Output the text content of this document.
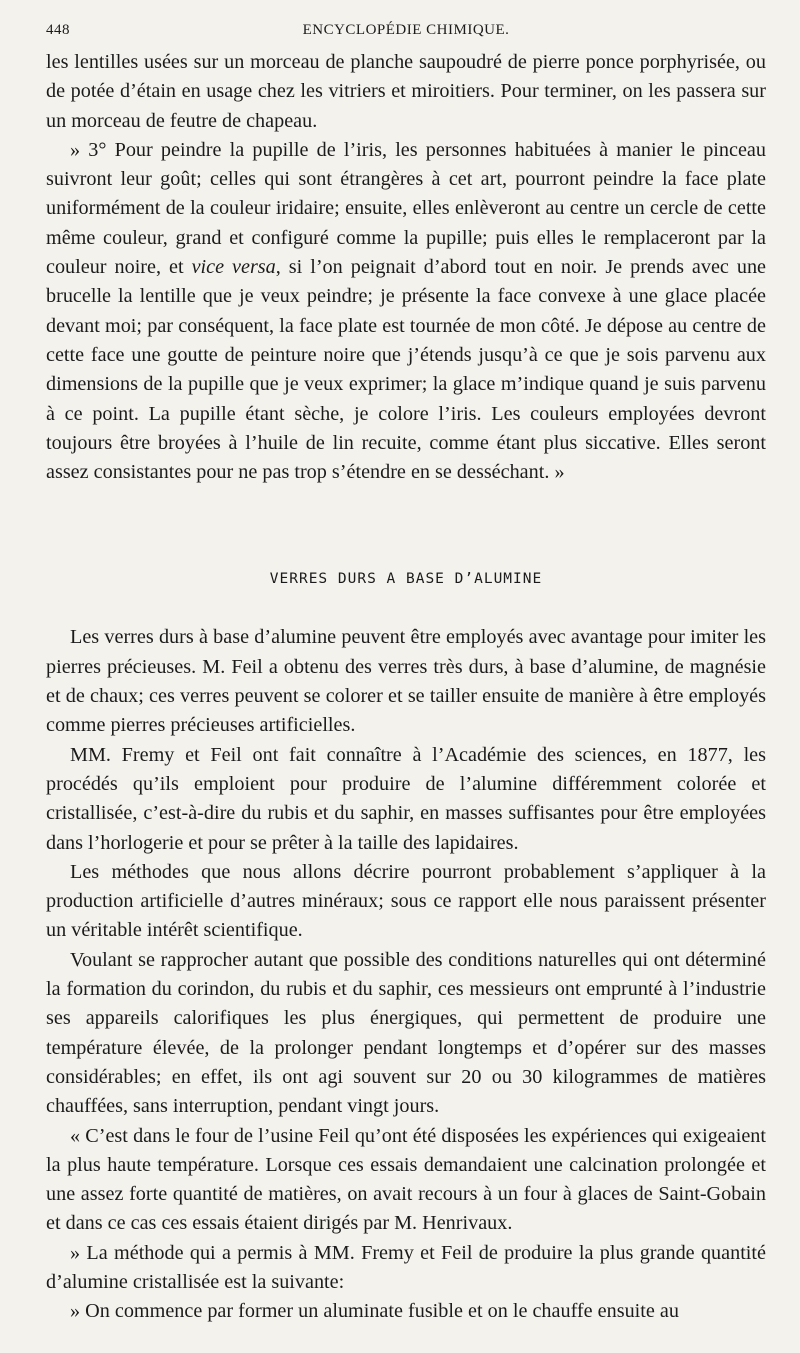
448	ENCYCLOPÉDIE CHIMIQUE.

les lentilles usées sur un morceau de planche saupoudré de pierre ponce porphyrisée, ou de potée d’étain en usage chez les vitriers et miroitiers. Pour terminer, on les passera sur un morceau de feutre de chapeau.

» 3° Pour peindre la pupille de l’iris, les personnes habituées à manier le pinceau suivront leur goût; celles qui sont étrangères à cet art, pourront peindre la face plate uniformément de la couleur iridaire; ensuite, elles enlèveront au centre un cercle de cette même couleur, grand et configuré comme la pupille; puis elles le remplaceront par la couleur noire, et vice versa, si l’on peignait d’abord tout en noir. Je prends avec une brucelle la lentille que je veux peindre; je présente la face convexe à une glace placée devant moi; par conséquent, la face plate est tournée de mon côté. Je dépose au centre de cette face une goutte de peinture noire que j’étends jusqu’à ce que je sois parvenu aux dimensions de la pupille que je veux exprimer; la glace m’indique quand je suis parvenu à ce point. La pupille étant sèche, je colore l’iris. Les couleurs employées devront toujours être broyées à l’huile de lin recuite, comme étant plus siccative. Elles seront assez consistantes pour ne pas trop s’étendre en se desséchant. »

VERRES DURS A BASE D’ALUMINE

Les verres durs à base d’alumine peuvent être employés avec avantage pour imiter les pierres précieuses. M. Feil a obtenu des verres très durs, à base d’alumine, de magnésie et de chaux; ces verres peuvent se colorer et se tailler ensuite de manière à être employés comme pierres précieuses artificielles.

MM. Fremy et Feil ont fait connaître à l’Académie des sciences, en 1877, les procédés qu’ils emploient pour produire de l’alumine différemment colorée et cristallisée, c’est-à-dire du rubis et du saphir, en masses suffisantes pour être employées dans l’horlogerie et pour se prêter à la taille des lapidaires.

Les méthodes que nous allons décrire pourront probablement s’appliquer à la production artificielle d’autres minéraux; sous ce rapport elle nous paraissent présenter un véritable intérêt scientifique.

Voulant se rapprocher autant que possible des conditions naturelles qui ont déterminé la formation du corindon, du rubis et du saphir, ces messieurs ont emprunté à l’industrie ses appareils calorifiques les plus énergiques, qui permettent de produire une température élevée, de la prolonger pendant longtemps et d’opérer sur des masses considérables; en effet, ils ont agi souvent sur 20 ou 30 kilogrammes de matières chauffées, sans interruption, pendant vingt jours.

« C’est dans le four de l’usine Feil qu’ont été disposées les expériences qui exigeaient la plus haute température. Lorsque ces essais demandaient une calcination prolongée et une assez forte quantité de matières, on avait recours à un four à glaces de Saint-Gobain et dans ce cas ces essais étaient dirigés par M. Henrivaux.

» La méthode qui a permis à MM. Fremy et Feil de produire la plus grande quantité d’alumine cristallisée est la suivante:

» On commence par former un aluminate fusible et on le chauffe ensuite au
